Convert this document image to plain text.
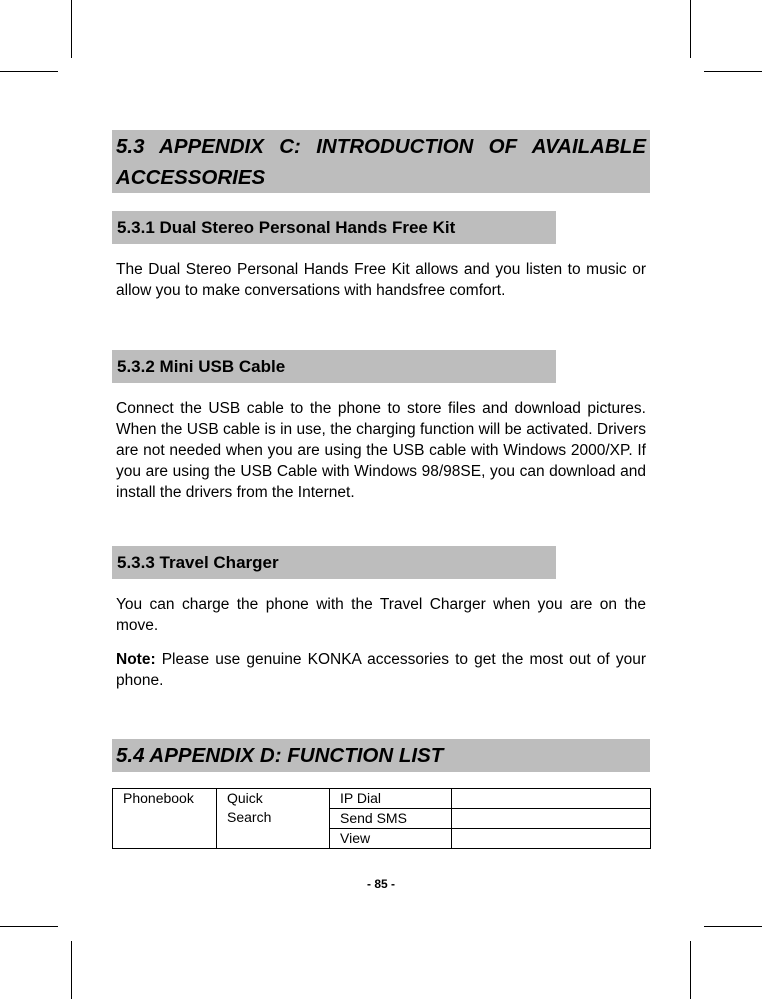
5.3 APPENDIX C: INTRODUCTION OF AVAILABLE ACCESSORIES
5.3.1 Dual Stereo Personal Hands Free Kit
The Dual Stereo Personal Hands Free Kit allows and you listen to music or allow you to make conversations with handsfree comfort.
5.3.2 Mini USB Cable
Connect the USB cable to the phone to store files and download pictures. When the USB cable is in use, the charging function will be activated. Drivers are not needed when you are using the USB cable with Windows 2000/XP. If you are using the USB Cable with Windows 98/98SE, you can download and install the drivers from the Internet.
5.3.3 Travel Charger
You can charge the phone with the Travel Charger when you are on the move.
Note: Please use genuine KONKA accessories to get the most out of your phone.
5.4 APPENDIX D: FUNCTION LIST
Phonebook	Quick Search	IP Dial	
		Send SMS	
		View	
- 85 -
